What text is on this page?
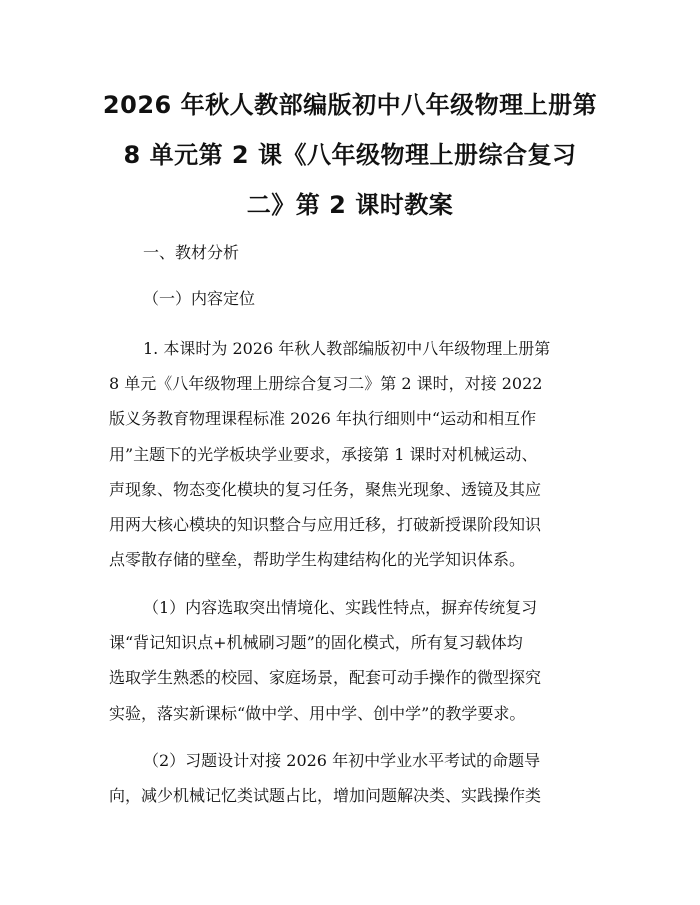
2026 年秋人教部编版初中八年级物理上册第
8 单元第 2 课《八年级物理上册综合复习
二》第 2 课时教案
一、教材分析
（一）内容定位
1. 本课时为 2026 年秋人教部编版初中八年级物理上册第
8 单元《八年级物理上册综合复习二》第 2 课时，对接 2022
版义务教育物理课程标准 2026 年执行细则中“运动和相互作
用”主题下的光学板块学业要求，承接第 1 课时对机械运动、
声现象、物态变化模块的复习任务，聚焦光现象、透镜及其应
用两大核心模块的知识整合与应用迁移，打破新授课阶段知识
点零散存储的壁垒，帮助学生构建结构化的光学知识体系。
（1）内容选取突出情境化、实践性特点，摒弃传统复习
课“背记知识点+机械刷习题”的固化模式，所有复习载体均
选取学生熟悉的校园、家庭场景，配套可动手操作的微型探究
实验，落实新课标“做中学、用中学、创中学”的教学要求。
（2）习题设计对接 2026 年初中学业水平考试的命题导
向，减少机械记忆类试题占比，增加问题解决类、实践操作类
